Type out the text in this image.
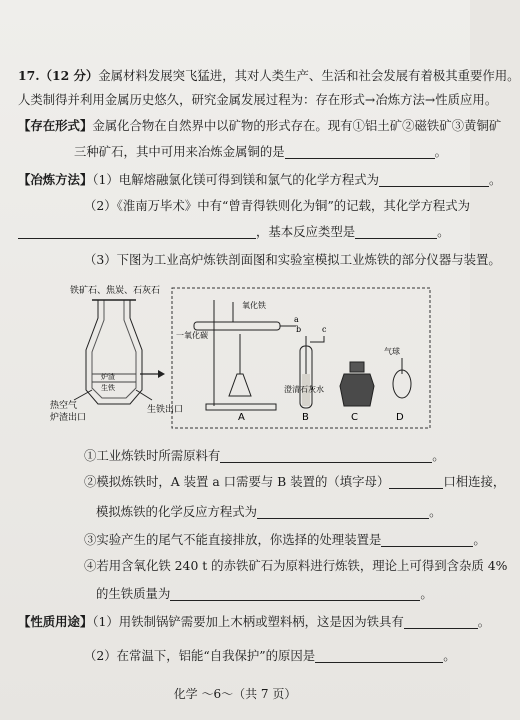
17.（12 分）金属材料发展突飞猛进，其对人类生产、生活和社会发展有着极其重要作用。
人类制得并利用金属历史悠久，研究金属发展过程为：存在形式→冶炼方法→性质应用。
【存在形式】金属化合物在自然界中以矿物的形式存在。现有①铝土矿②磁铁矿③黄铜矿
三种矿石，其中可用来冶炼金属铜的是	。
【冶炼方法】（1）电解熔融氯化镁可得到镁和氯气的化学方程式为	。
（2）《淮南万毕术》中有“曾青得铁则化为铜”的记载，其化学方程式为
，基本反应类型是	。
（3）下图为工业高炉炼铁剖面图和实验室模拟工业炼铁的部分仪器与装置。
铁矿石、焦炭、石灰石
热空气
炉渣出口
炉渣
生铁
生铁出口
氧化铁
一氧化碳
a
A
b	c
澄清石灰水
B	C
气球
D
①工业炼铁时所需原料有	。
②模拟炼铁时，A 装置 a 口需要与 B 装置的（填字母）	口相连接，
模拟炼铁的化学反应方程式为	。
③实验产生的尾气不能直接排放，你选择的处理装置是	。
④若用含氧化铁 240 t 的赤铁矿石为原料进行炼铁，理论上可得到含杂质 4%
的生铁质量为	。
【性质用途】（1）用铁制锅铲需要加上木柄或塑料柄，这是因为铁具有	。
（2）在常温下，铝能“自我保护”的原因是	。
化学 ～6～（共 7 页）
